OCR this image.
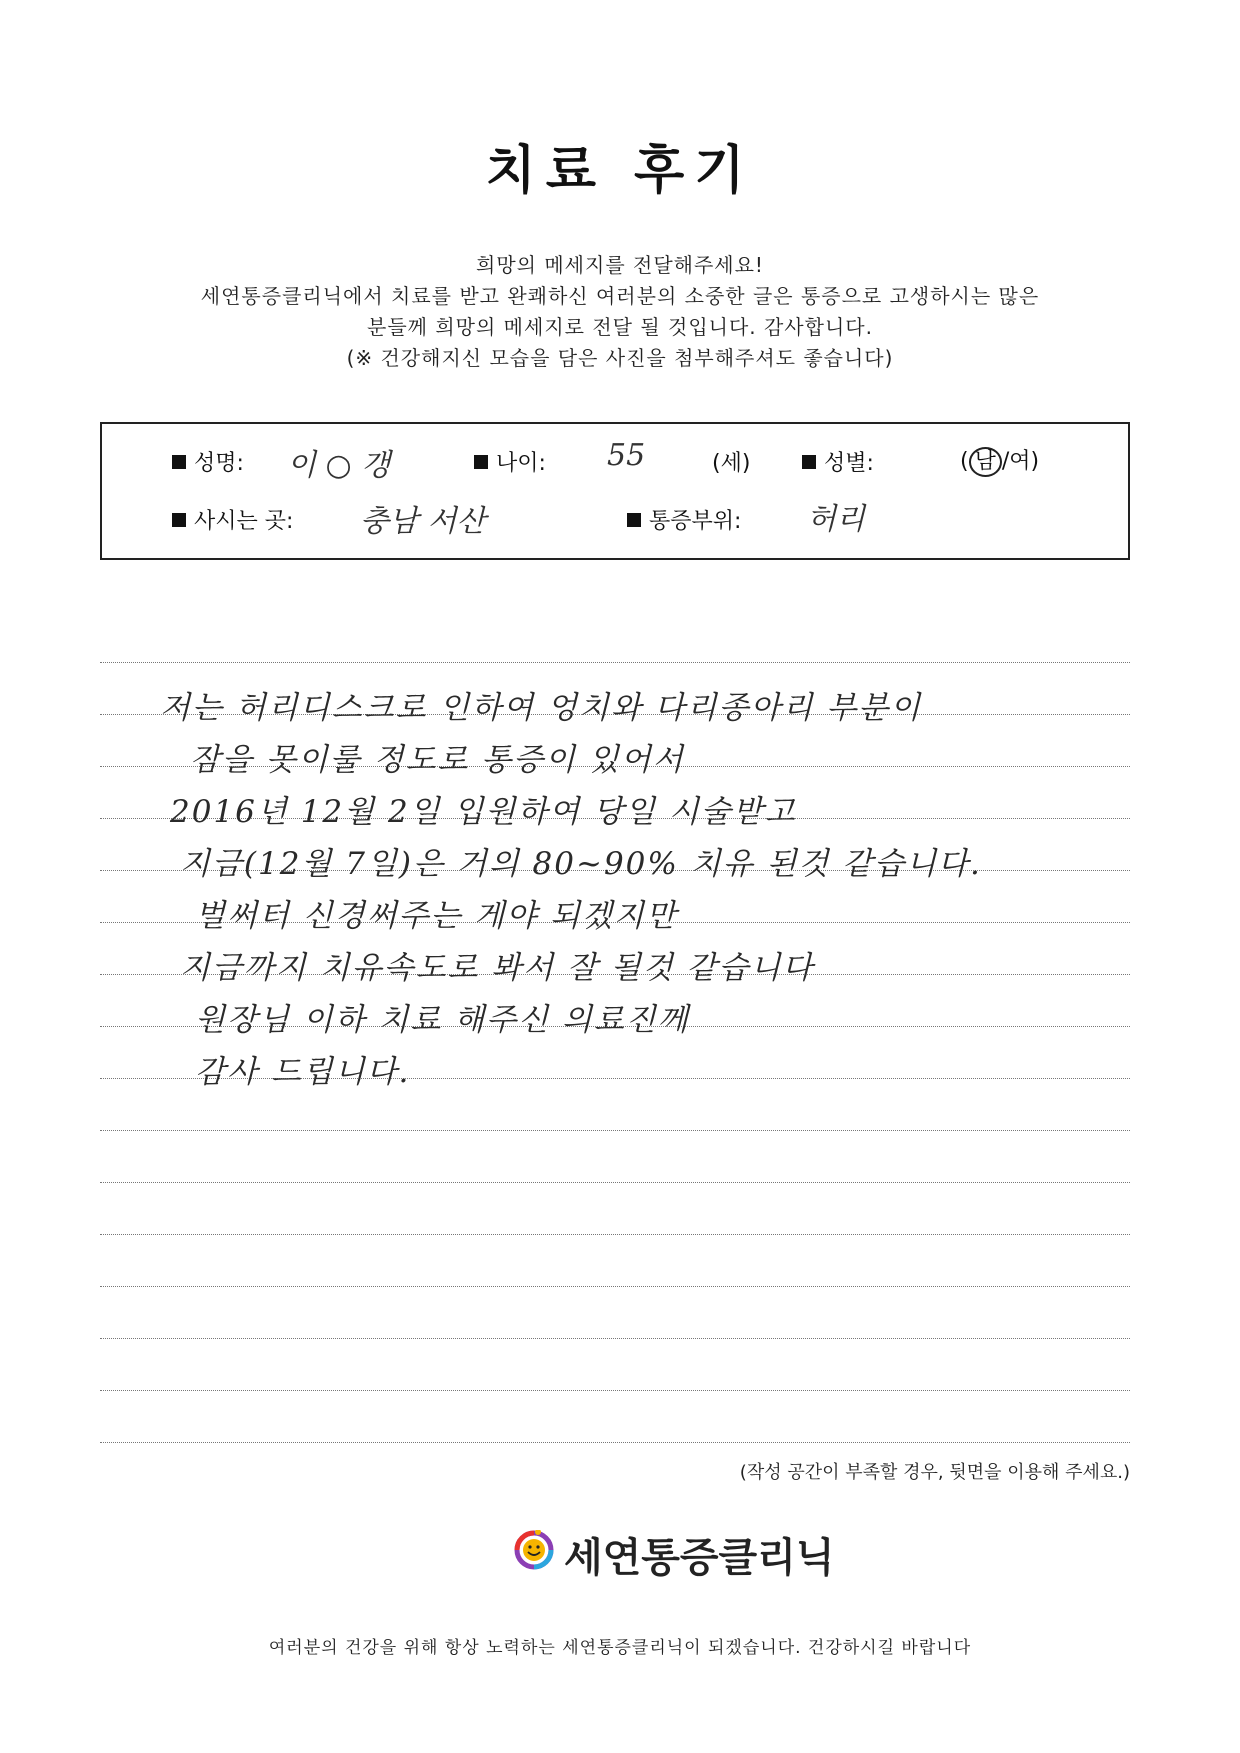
치료 후기
희망의 메세지를 전달해주세요!
세연통증클리닉에서 치료를 받고 완쾌하신 여러분의 소중한 글은 통증으로 고생하시는 많은
분들께 희망의 메세지로 전달 될 것입니다. 감사합니다.
(※ 건강해지신 모습을 담은 사진을 첨부해주셔도 좋습니다)
성명: 이 ○ 갱	나이: 55	(세)	성별:	( 남 /여)
사시는 곳: 충남 서산	통증부위: 허리
저는 허리디스크로 인하여 엉치와 다리종아리 부분이
잠을 못이룰 정도로 통증이 있어서
2016년 12월 2일 입원하여 당일 시술받고
지금(12월 7일)은 거의 80~90% 치유 된것 같습니다.
벌써터 신경써주는 게야 되겠지만
지금까지 치유속도로 봐서 잘 될것 같습니다
원장님 이하 치료 해주신 의료진께
감사 드립니다.
(작성 공간이 부족할 경우, 뒷면을 이용해 주세요.)
세연통증클리닉
여러분의 건강을 위해 항상 노력하는 세연통증클리닉이 되겠습니다. 건강하시길 바랍니다
